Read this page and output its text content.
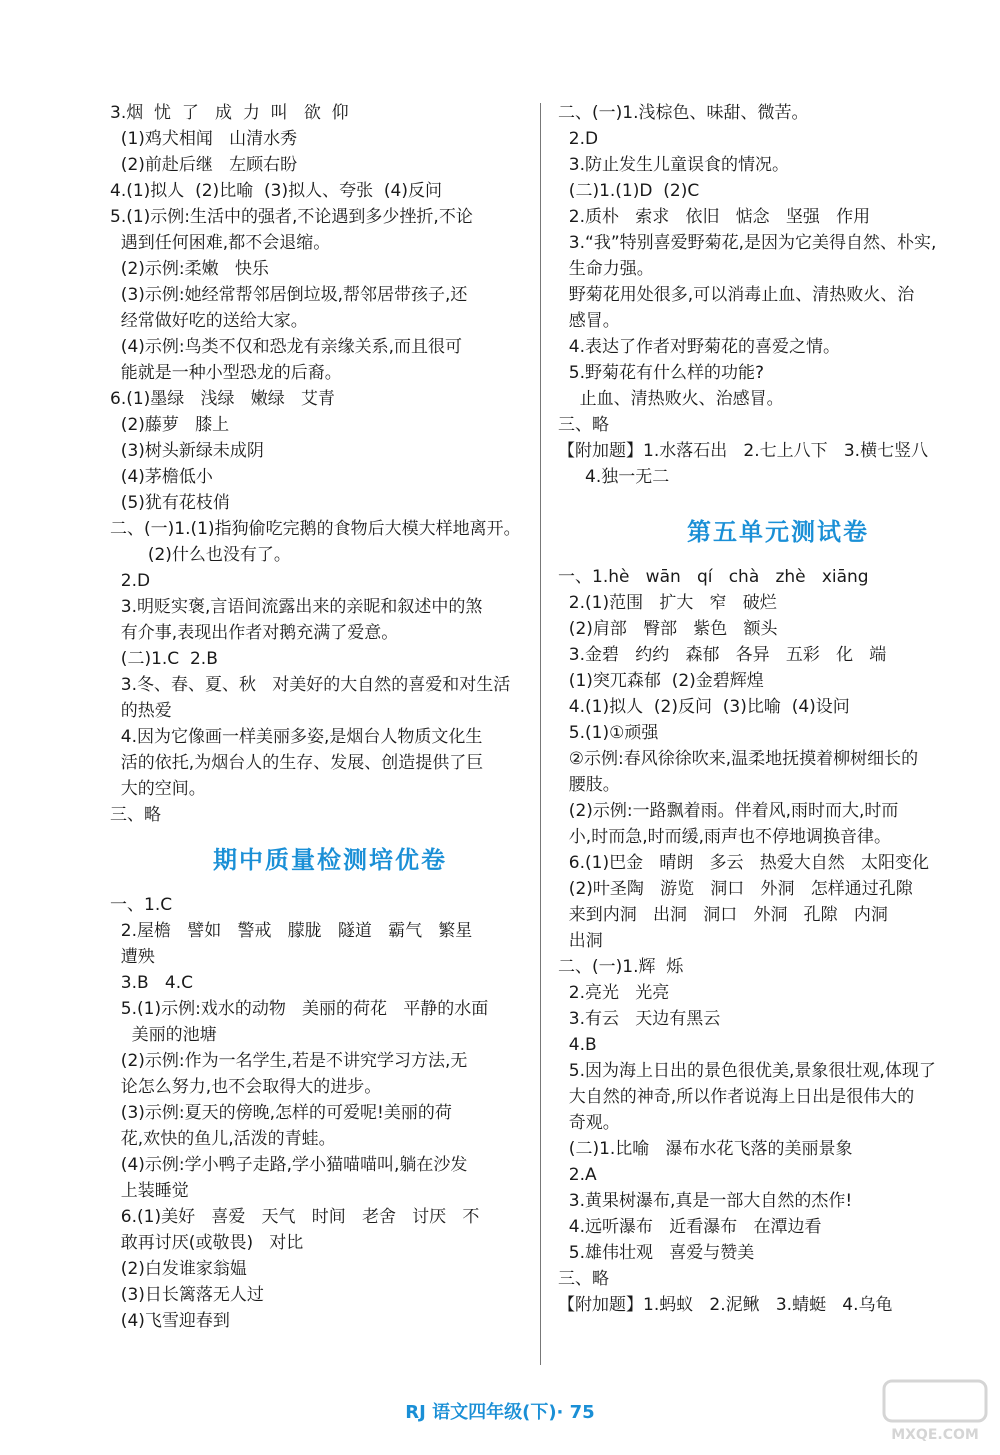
3.烟  忧  了   成  力  叫   欲  仰
(1)鸡犬相闻   山清水秀
(2)前赴后继   左顾右盼
4.(1)拟人  (2)比喻  (3)拟人、夸张  (4)反问
5.(1)示例:生活中的强者,不论遇到多少挫折,不论
遇到任何困难,都不会退缩。
(2)示例:柔嫩   快乐
(3)示例:她经常帮邻居倒垃圾,帮邻居带孩子,还
经常做好吃的送给大家。
(4)示例:鸟类不仅和恐龙有亲缘关系,而且很可
能就是一种小型恐龙的后裔。
6.(1)墨绿   浅绿   嫩绿   艾青
(2)藤萝   膝上
(3)树头新绿未成阴
(4)茅檐低小
(5)犹有花枝俏
二、(一)1.(1)指狗偷吃完鹅的食物后大模大样地离开。
(2)什么也没有了。
2.D
3.明贬实褒,言语间流露出来的亲昵和叙述中的煞
有介事,表现出作者对鹅充满了爱意。
(二)1.C  2.B
3.冬、春、夏、秋   对美好的大自然的喜爱和对生活
的热爱
4.因为它像画一样美丽多姿,是烟台人物质文化生
活的依托,为烟台人的生存、发展、创造提供了巨
大的空间。
三、略
期中质量检测培优卷
一、1.C
2.屋檐   譬如   警戒   朦胧   隧道   霸气   繁星
遭殃
3.B   4.C
5.(1)示例:戏水的动物   美丽的荷花   平静的水面
美丽的池塘
(2)示例:作为一名学生,若是不讲究学习方法,无
论怎么努力,也不会取得大的进步。
(3)示例:夏天的傍晚,怎样的可爱呢!美丽的荷
花,欢快的鱼儿,活泼的青蛙。
(4)示例:学小鸭子走路,学小猫喵喵叫,躺在沙发
上装睡觉
6.(1)美好   喜爱   天气   时间   老舍   讨厌   不
敢再讨厌(或敬畏)   对比
(2)白发谁家翁媪
(3)日长篱落无人过
(4)飞雪迎春到
二、(一)1.浅棕色、味甜、微苦。
2.D
3.防止发生儿童误食的情况。
(二)1.(1)D  (2)C
2.质朴   索求   依旧   惦念   坚强   作用
3.“我”特别喜爱野菊花,是因为它美得自然、朴实,
生命力强。
野菊花用处很多,可以消毒止血、清热败火、治
感冒。
4.表达了作者对野菊花的喜爱之情。
5.野菊花有什么样的功能?
止血、清热败火、治感冒。
三、略
【附加题】1.水落石出   2.七上八下   3.横七竖八
4.独一无二
第五单元测试卷
一、1.hè   wān   qí   chà   zhè   xiāng
2.(1)范围   扩大   窄   破烂
(2)肩部   臀部   紫色   额头
3.金碧   约约   森郁   各异   五彩   化   端
(1)突兀森郁  (2)金碧辉煌
4.(1)拟人  (2)反问  (3)比喻  (4)设问
5.(1)①顽强
②示例:春风徐徐吹来,温柔地抚摸着柳树细长的
腰肢。
(2)示例:一路飘着雨。伴着风,雨时而大,时而
小,时而急,时而缓,雨声也不停地调换音律。
6.(1)巴金   晴朗   多云   热爱大自然   太阳变化
(2)叶圣陶   游览   洞口   外洞   怎样通过孔隙
来到内洞   出洞   洞口   外洞   孔隙   内洞
出洞
二、(一)1.辉  烁
2.亮光   光亮
3.有云   天边有黑云
4.B
5.因为海上日出的景色很优美,景象很壮观,体现了
大自然的神奇,所以作者说海上日出是很伟大的
奇观。
(二)1.比喻   瀑布水花飞落的美丽景象
2.A
3.黄果树瀑布,真是一部大自然的杰作!
4.远听瀑布   近看瀑布   在潭边看
5.雄伟壮观   喜爱与赞美
三、略
【附加题】1.蚂蚁   2.泥鳅   3.蜻蜓   4.乌龟
RJ 语文四年级(下)· 75
MXQE.COM
